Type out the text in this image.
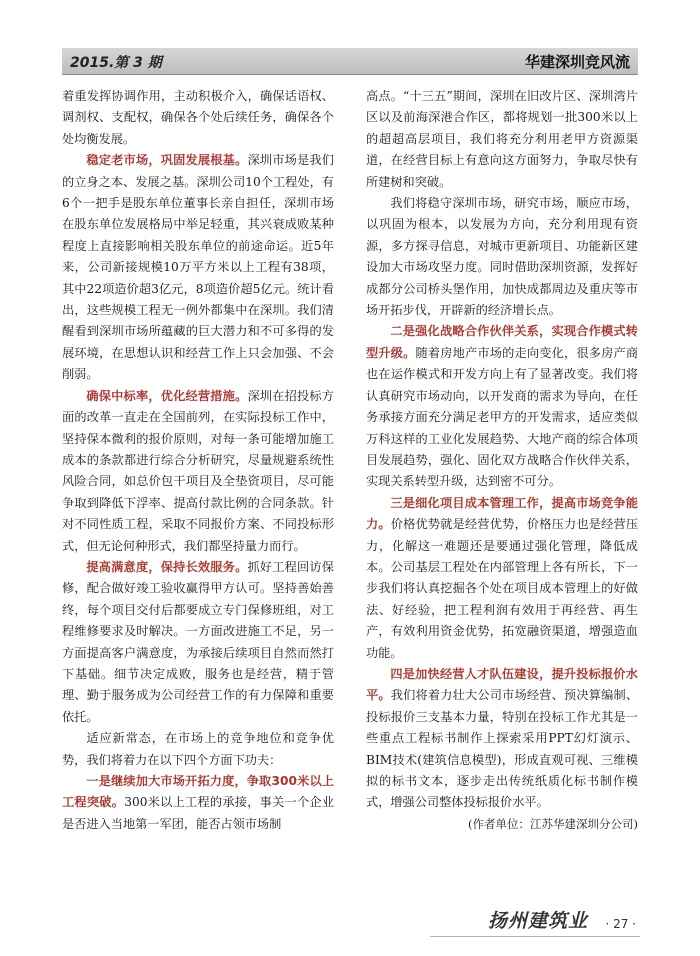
2015.第 3 期	华建深圳竞风流

着重发挥协调作用，主动积极介入，确保话语权、调剂权、支配权，确保各个处后续任务，确保各个处均衡发展。

稳定老市场，巩固发展根基。深圳市场是我们的立身之本、发展之基。深圳公司10个工程处，有6个一把手是股东单位董事长亲自担任，深圳市场在股东单位发展格局中举足轻重，其兴衰成败某种程度上直接影响相关股东单位的前途命运。近5年来，公司新接规模10万平方米以上工程有38项，其中22项造价超3亿元，8项造价超5亿元。统计看出，这些规模工程无一例外都集中在深圳。我们清醒看到深圳市场所蕴藏的巨大潜力和不可多得的发展环境，在思想认识和经营工作上只会加强、不会削弱。

确保中标率，优化经营措施。深圳在招投标方面的改革一直走在全国前列，在实际投标工作中，坚持保本微利的报价原则，对每一条可能增加施工成本的条款都进行综合分析研究，尽量规避系统性风险合同，如总价包干项目及全垫资项目，尽可能争取到降低下浮率、提高付款比例的合同条款。针对不同性质工程，采取不同报价方案、不同投标形式，但无论何种形式，我们都坚持量力而行。

提高满意度，保持长效服务。抓好工程回访保修，配合做好竣工验收赢得甲方认可。坚持善始善终，每个项目交付后都要成立专门保修班组，对工程维修要求及时解决。一方面改进施工不足，另一方面提高客户满意度，为承接后续项目自然而然打下基础。细节决定成败，服务也是经营，精于管理、勤于服务成为公司经营工作的有力保障和重要依托。

适应新常态，在市场上的竞争地位和竞争优势，我们将着力在以下四个方面下功夫：

一是继续加大市场开拓力度，争取300米以上工程突破。300米以上工程的承接，事关一个企业是否进入当地第一军团，能否占领市场制

高点。“十三五”期间，深圳在旧改片区、深圳湾片区以及前海深港合作区，都将规划一批300米以上的超超高层项目，我们将充分利用老甲方资源渠道，在经营目标上有意向这方面努力，争取尽快有所建树和突破。

我们将稳守深圳市场，研究市场，顺应市场，以巩固为根本，以发展为方向，充分利用现有资源，多方探寻信息，对城市更新项目、功能新区建设加大市场攻坚力度。同时借助深圳资源，发挥好成都分公司桥头堡作用，加快成都周边及重庆等市场开拓步伐，开辟新的经济增长点。

二是强化战略合作伙伴关系，实现合作模式转型升级。随着房地产市场的走向变化，很多房产商也在运作模式和开发方向上有了显著改变。我们将认真研究市场动向，以开发商的需求为导向，在任务承接方面充分满足老甲方的开发需求，适应类似万科这样的工业化发展趋势、大地产商的综合体项目发展趋势，强化、固化双方战略合作伙伴关系，实现关系转型升级，达到密不可分。

三是细化项目成本管理工作，提高市场竞争能力。价格优势就是经营优势，价格压力也是经营压力，化解这一难题还是要通过强化管理，降低成本。公司基层工程处在内部管理上各有所长，下一步我们将认真挖掘各个处在项目成本管理上的好做法、好经验，把工程利润有效用于再经营、再生产，有效利用资金优势，拓宽融资渠道，增强造血功能。

四是加快经营人才队伍建设，提升投标报价水平。我们将着力壮大公司市场经营、预决算编制、投标报价三支基本力量，特别在投标工作尤其是一些重点工程标书制作上探索采用PPT幻灯演示、BIM技术(建筑信息模型)，形成直观可视、三维模拟的标书文本，逐步走出传统纸质化标书制作模式，增强公司整体投标报价水平。

(作者单位：江苏华建深圳分公司)

扬州建筑业 · 27 ·
